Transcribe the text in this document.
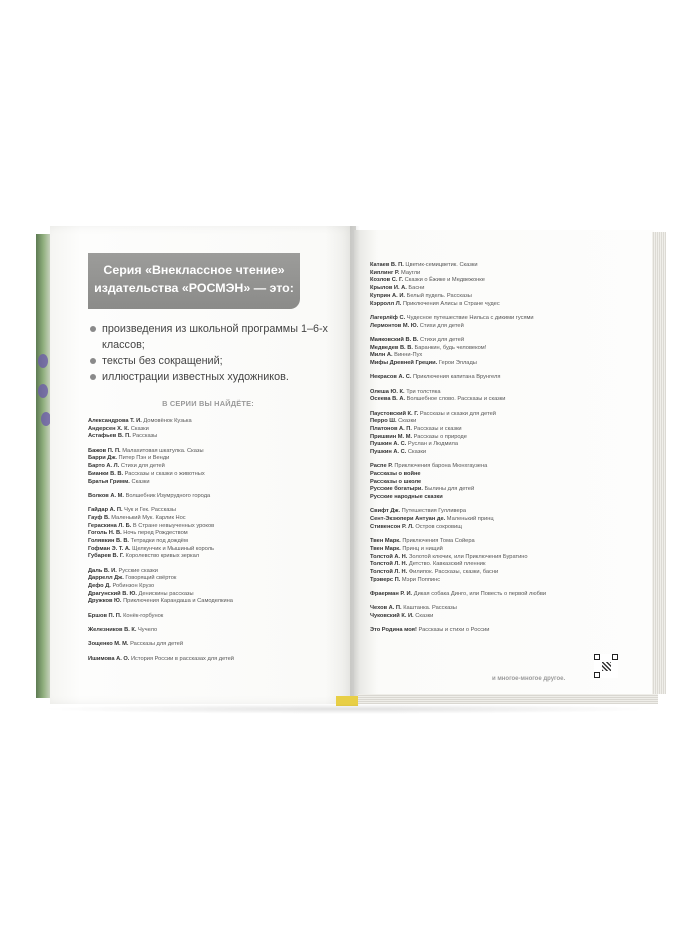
Серия «Внеклассное чтение»
издательства «РОСМЭН» — это:
произведения из школьной программы 1–6-х классов;
тексты без сокращений;
иллюстрации известных художников.
В СЕРИИ ВЫ НАЙДЁТЕ:
Александрова Т. И. Домовёнок Кузька
Андерсен Х. К. Сказки
Астафьев В. П. Рассказы
Бажов П. П. Малахитовая шкатулка. Сказы
Барри Дж. Питер Пэн и Венди
Барто А. Л. Стихи для детей
Бианки В. В. Рассказы и сказки о животных
Братья Гримм. Сказки
Волков А. М. Волшебник Изумрудного города
Гайдар А. П. Чук и Гек. Рассказы
Гауф В. Маленький Мук. Карлик Нос
Гераскина Л. Б. В Стране невыученных уроков
Гоголь Н. В. Ночь перед Рождеством
Голявкин В. В. Тетрадки под дождём
Гофман Э. Т. А. Щелкунчик и Мышиный король
Губарев В. Г. Королевство кривых зеркал
Даль В. И. Русские сказки
Даррелл Дж. Говорящий свёрток
Дефо Д. Робинзон Крузо
Драгунский В. Ю. Денискины рассказы
Дружков Ю. Приключения Карандаша и Самоделкина
Ершов П. П. Конёк-горбунок
Железников В. К. Чучело
Зощенко М. М. Рассказы для детей
Ишимова А. О. История России в рассказах для детей
Катаев В. П. Цветик-семицветик. Сказки
Киплинг Р. Маугли
Козлов С. Г. Сказки о Ёжике и Медвежонке
Крылов И. А. Басни
Куприн А. И. Белый пудель. Рассказы
Кэрролл Л. Приключения Алисы в Стране чудес
Лагерлёф С. Чудесное путешествие Нильса с дикими гусями
Лермонтов М. Ю. Стихи для детей
Маяковский В. В. Стихи для детей
Медведев В. В. Баранкин, будь человеком!
Милн А. Винни-Пух
Мифы Древней Греции. Герои Эллады
Некрасов А. С. Приключения капитана Врунгеля
Олеша Ю. К. Три толстяка
Осеева В. А. Волшебное слово. Рассказы и сказки
Паустовский К. Г. Рассказы и сказки для детей
Перро Ш. Сказки
Платонов А. П. Рассказы и сказки
Пришвин М. М. Рассказы о природе
Пушкин А. С. Руслан и Людмила
Пушкин А. С. Сказки
Распе Р. Приключения барона Мюнхгаузена
Рассказы о войне
Рассказы о школе
Русские богатыри. Былины для детей
Русские народные сказки
Свифт Дж. Путешествия Гулливера
Сент-Экзюпери Антуан де. Маленький принц
Стивенсон Р. Л. Остров сокровищ
Твен Марк. Приключения Тома Сойера
Твен Марк. Принц и нищий
Толстой А. Н. Золотой ключик, или Приключения Буратино
Толстой Л. Н. Детство. Кавказский пленник
Толстой Л. Н. Филипок. Рассказы, сказки, басни
Трэверс П. Мэри Поппинс
Фраерман Р. И. Дикая собака Динго, или Повесть о первой любви
Чехов А. П. Каштанка. Рассказы
Чуковский К. И. Сказки
Это Родина моя! Рассказы и стихи о России
и многое-многое другое.
